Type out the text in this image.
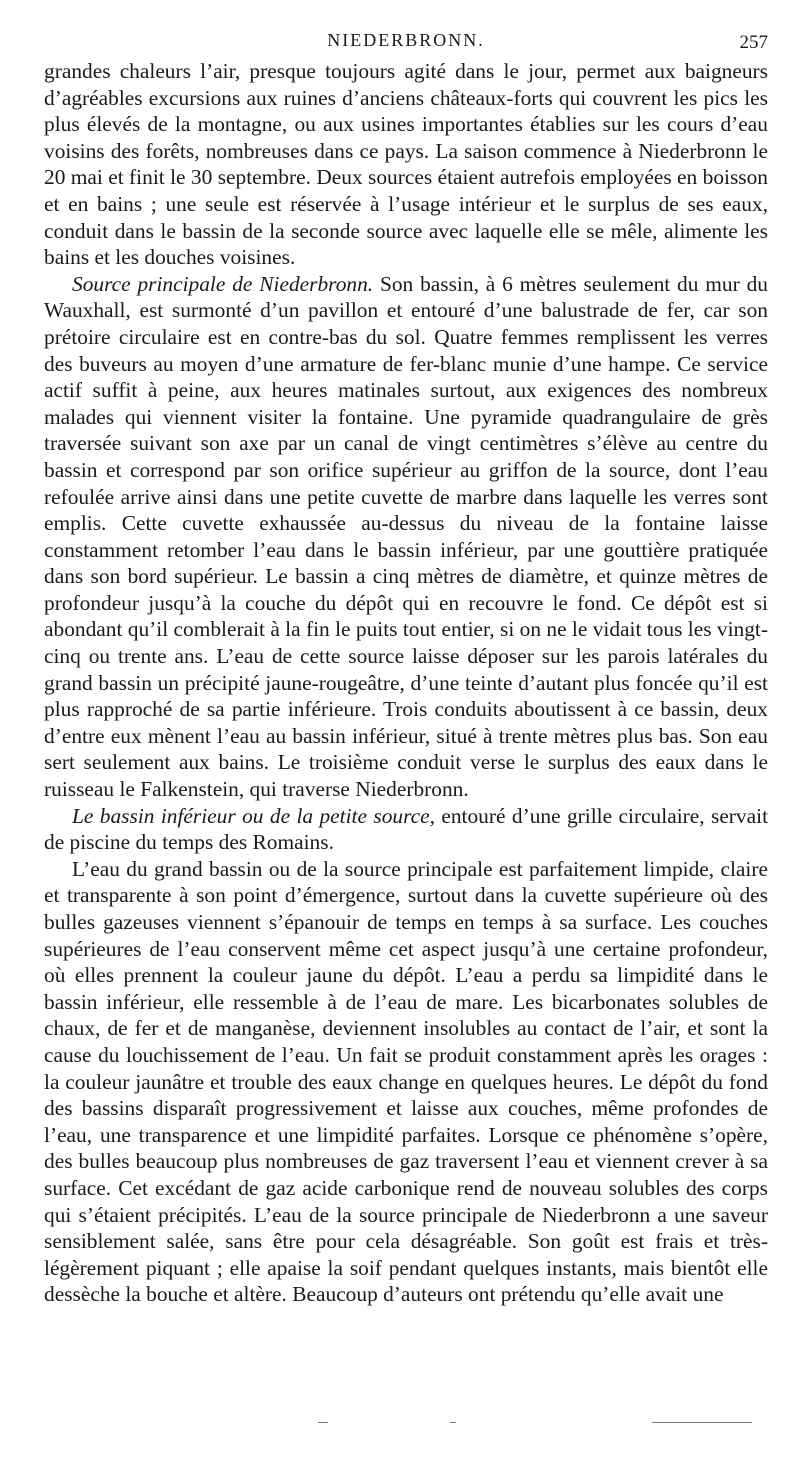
NIEDERBRONN.	257

grandes chaleurs l’air, presque toujours agité dans le jour, permet aux baigneurs d’agréables excursions aux ruines d’anciens châteaux-forts qui couvrent les pics les plus élevés de la montagne, ou aux usines importantes établies sur les cours d’eau voisins des forêts, nombreuses dans ce pays. La saison commence à Niederbronn le 20 mai et finit le 30 septembre. Deux sources étaient autrefois employées en boisson et en bains ; une seule est réservée à l’usage intérieur et le surplus de ses eaux, conduit dans le bassin de la seconde source avec laquelle elle se mêle, alimente les bains et les douches voisines.

Source principale de Niederbronn. Son bassin, à 6 mètres seulement du mur du Wauxhall, est surmonté d’un pavillon et entouré d’une balustrade de fer, car son prétoire circulaire est en contre-bas du sol. Quatre femmes remplissent les verres des buveurs au moyen d’une armature de fer-blanc munie d’une hampe. Ce service actif suffit à peine, aux heures matinales surtout, aux exigences des nombreux malades qui viennent visiter la fontaine. Une pyramide quadrangulaire de grès traversée suivant son axe par un canal de vingt centimètres s’élève au centre du bassin et correspond par son orifice supérieur au griffon de la source, dont l’eau refoulée arrive ainsi dans une petite cuvette de marbre dans laquelle les verres sont emplis. Cette cuvette exhaussée au-dessus du niveau de la fontaine laisse constamment retomber l’eau dans le bassin inférieur, par une gouttière pratiquée dans son bord supérieur. Le bassin a cinq mètres de diamètre, et quinze mètres de profondeur jusqu’à la couche du dépôt qui en recouvre le fond. Ce dépôt est si abondant qu’il comblerait à la fin le puits tout entier, si on ne le vidait tous les vingt-cinq ou trente ans. L’eau de cette source laisse déposer sur les parois latérales du grand bassin un précipité jaune-rougeâtre, d’une teinte d’autant plus foncée qu’il est plus rapproché de sa partie inférieure. Trois conduits aboutissent à ce bassin, deux d’entre eux mènent l’eau au bassin inférieur, situé à trente mètres plus bas. Son eau sert seulement aux bains. Le troisième conduit verse le surplus des eaux dans le ruisseau le Falkenstein, qui traverse Niederbronn.

Le bassin inférieur ou de la petite source, entouré d’une grille circulaire, servait de piscine du temps des Romains.

L’eau du grand bassin ou de la source principale est parfaitement limpide, claire et transparente à son point d’émergence, surtout dans la cuvette supérieure où des bulles gazeuses viennent s’épanouir de temps en temps à sa surface. Les couches supérieures de l’eau conservent même cet aspect jusqu’à une certaine profondeur, où elles prennent la couleur jaune du dépôt. L’eau a perdu sa limpidité dans le bassin inférieur, elle ressemble à de l’eau de mare. Les bicarbonates solubles de chaux, de fer et de manganèse, deviennent insolubles au contact de l’air, et sont la cause du louchissement de l’eau. Un fait se produit constamment après les orages : la couleur jaunâtre et trouble des eaux change en quelques heures. Le dépôt du fond des bassins disparaît progressivement et laisse aux couches, même profondes de l’eau, une transparence et une limpidité parfaites. Lorsque ce phénomène s’opère, des bulles beaucoup plus nombreuses de gaz traversent l’eau et viennent crever à sa surface. Cet excédant de gaz acide carbonique rend de nouveau solubles des corps qui s’étaient précipités. L’eau de la source principale de Niederbronn a une saveur sensiblement salée, sans être pour cela désagréable. Son goût est frais et très-légèrement piquant ; elle apaise la soif pendant quelques instants, mais bientôt elle dessèche la bouche et altère. Beaucoup d’auteurs ont prétendu qu’elle avait une
